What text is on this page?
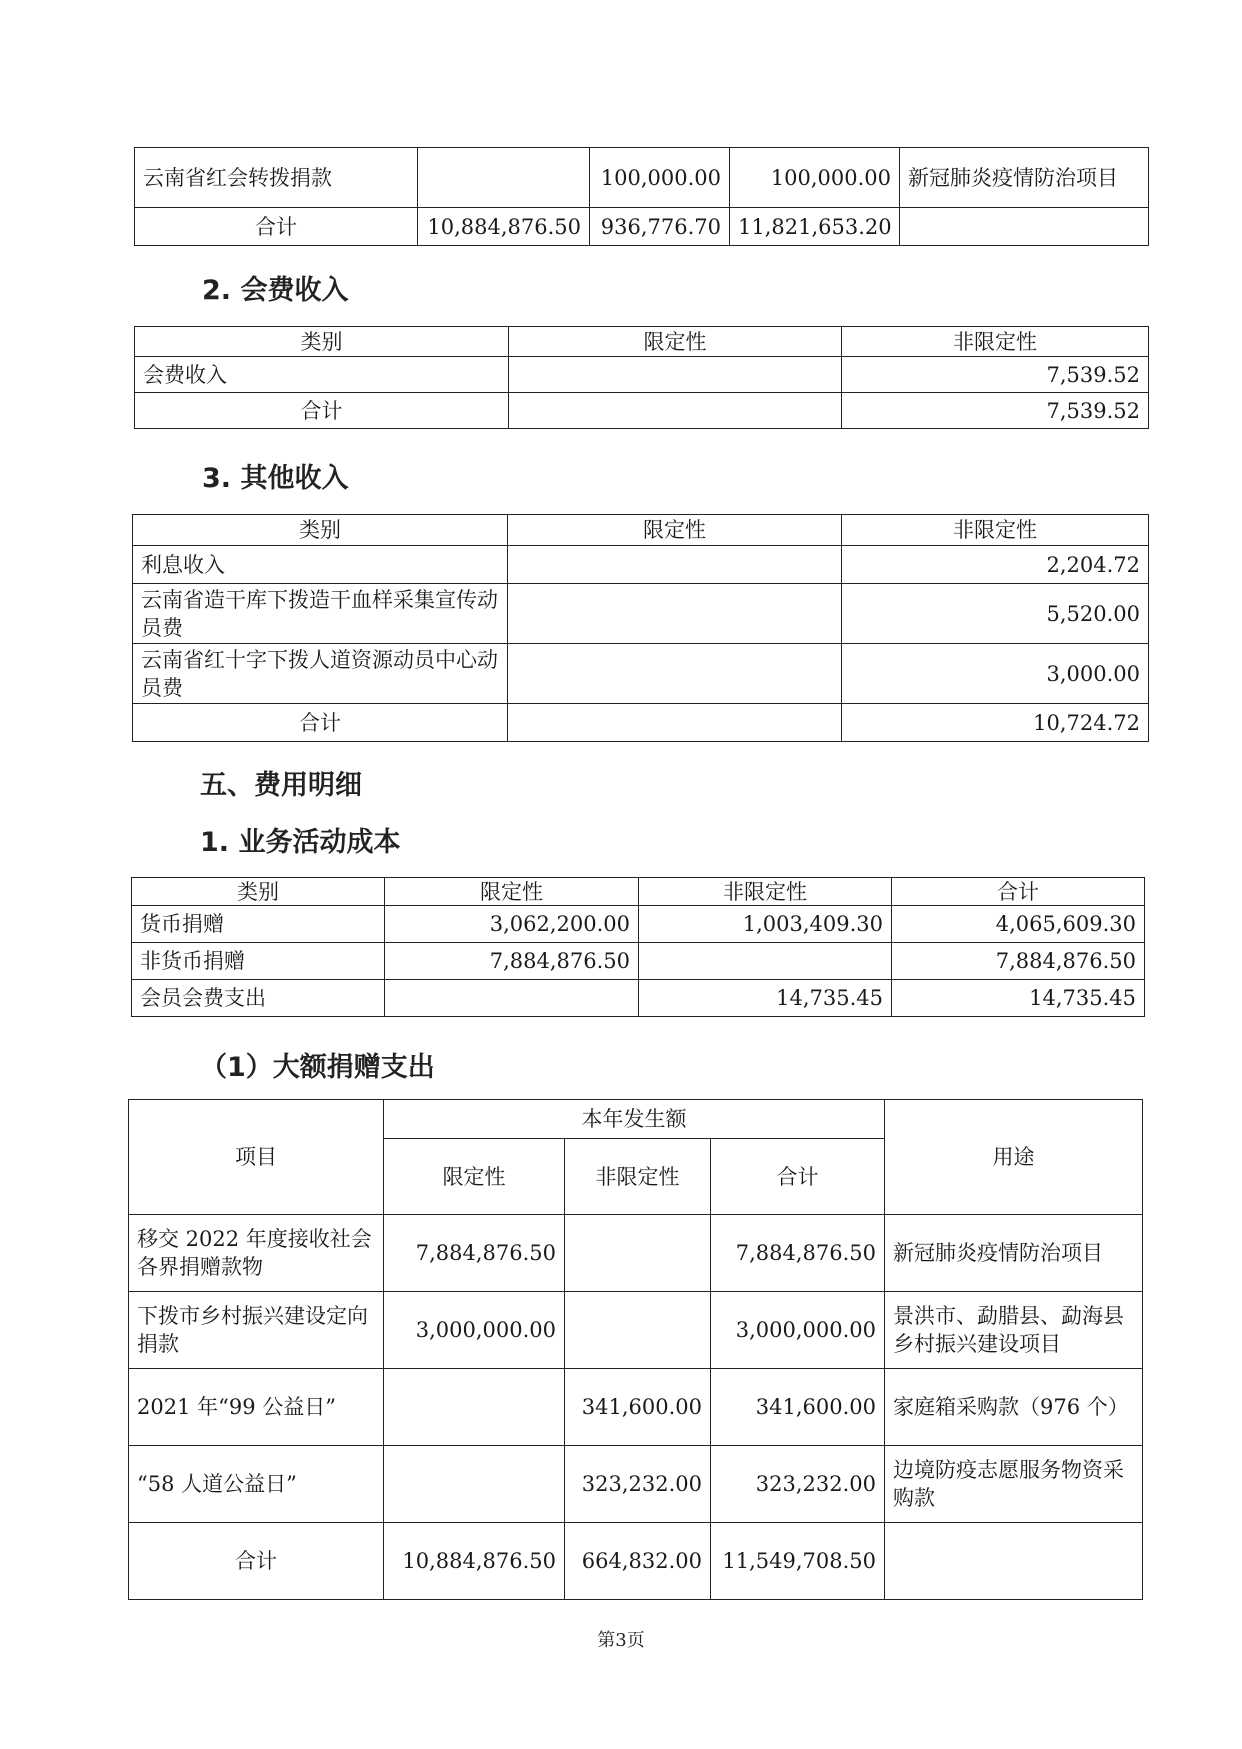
云南省红会转拨捐款		100,000.00	100,000.00	新冠肺炎疫情防治项目
合计	10,884,876.50	936,776.70	11,821,653.20	
2. 会费收入
类别	限定性	非限定性
会费收入		7,539.52
合计		7,539.52
3. 其他收入
类别	限定性	非限定性
利息收入		2,204.72
云南省造干库下拨造干血样采集宣传动员费		5,520.00
云南省红十字下拨人道资源动员中心动员费		3,000.00
合计		10,724.72
五、费用明细
1. 业务活动成本
类别	限定性	非限定性	合计
货币捐赠	3,062,200.00	1,003,409.30	4,065,609.30
非货币捐赠	7,884,876.50		7,884,876.50
会员会费支出		14,735.45	14,735.45
（1）大额捐赠支出
项目	本年发生额			用途
	限定性	非限定性	合计	
移交 2022 年度接收社会各界捐赠款物	7,884,876.50		7,884,876.50	新冠肺炎疫情防治项目
下拨市乡村振兴建设定向捐款	3,000,000.00		3,000,000.00	景洪市、勐腊县、勐海县乡村振兴建设项目
2021 年“99 公益日”		341,600.00	341,600.00	家庭箱采购款（976 个）
“58 人道公益日”		323,232.00	323,232.00	边境防疫志愿服务物资采购款
合计	10,884,876.50	664,832.00	11,549,708.50	
第3页
